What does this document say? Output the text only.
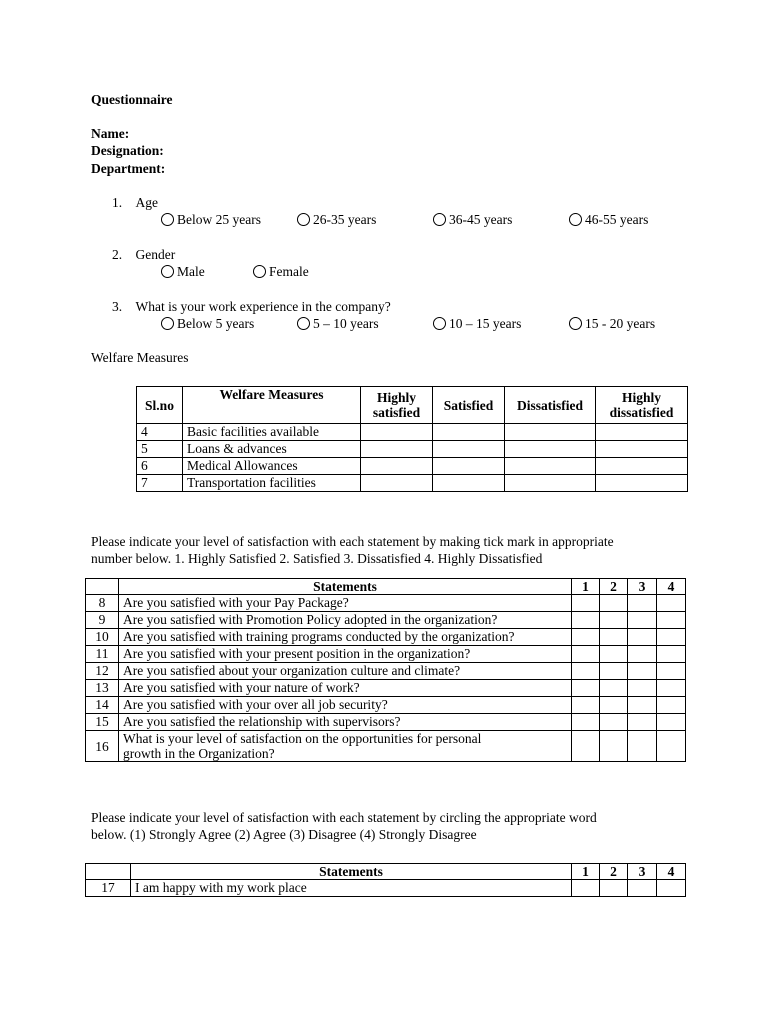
Questionnaire
Name:
Designation:
Department:
1. Age
Below 25 years	26-35 years	36-45 years	46-55 years
2. Gender
Male	Female
3. What is your work experience in the company?
Below 5 years	5 – 10 years	10 – 15 years	15 - 20 years
Welfare Measures
Sl.no	Welfare Measures	Highly satisfied	Satisfied	Dissatisfied	Highly dissatisfied
4	Basic facilities available				
5	Loans & advances				
6	Medical Allowances				
7	Transportation facilities				
Please indicate your level of satisfaction with each statement by making tick mark in appropriate
number below. 1. Highly Satisfied 2. Satisfied 3. Dissatisfied 4. Highly Dissatisfied
	Statements	1	2	3	4
8	Are you satisfied with your Pay Package?				
9	Are you satisfied with Promotion Policy adopted in the organization?				
10	Are you satisfied with training programs conducted by the organization?				
11	Are you satisfied with your present position in the organization?				
12	Are you satisfied about your organization culture and climate?				
13	Are you satisfied with your nature of work?				
14	Are you satisfied with your over all job security?				
15	Are you satisfied the relationship with supervisors?				
16	What is your level of satisfaction on the opportunities for personal growth in the Organization?				
Please indicate your level of satisfaction with each statement by circling the appropriate word
below. (1) Strongly Agree (2) Agree (3) Disagree (4) Strongly Disagree
	Statements	1	2	3	4
17	I am happy with my work place				
